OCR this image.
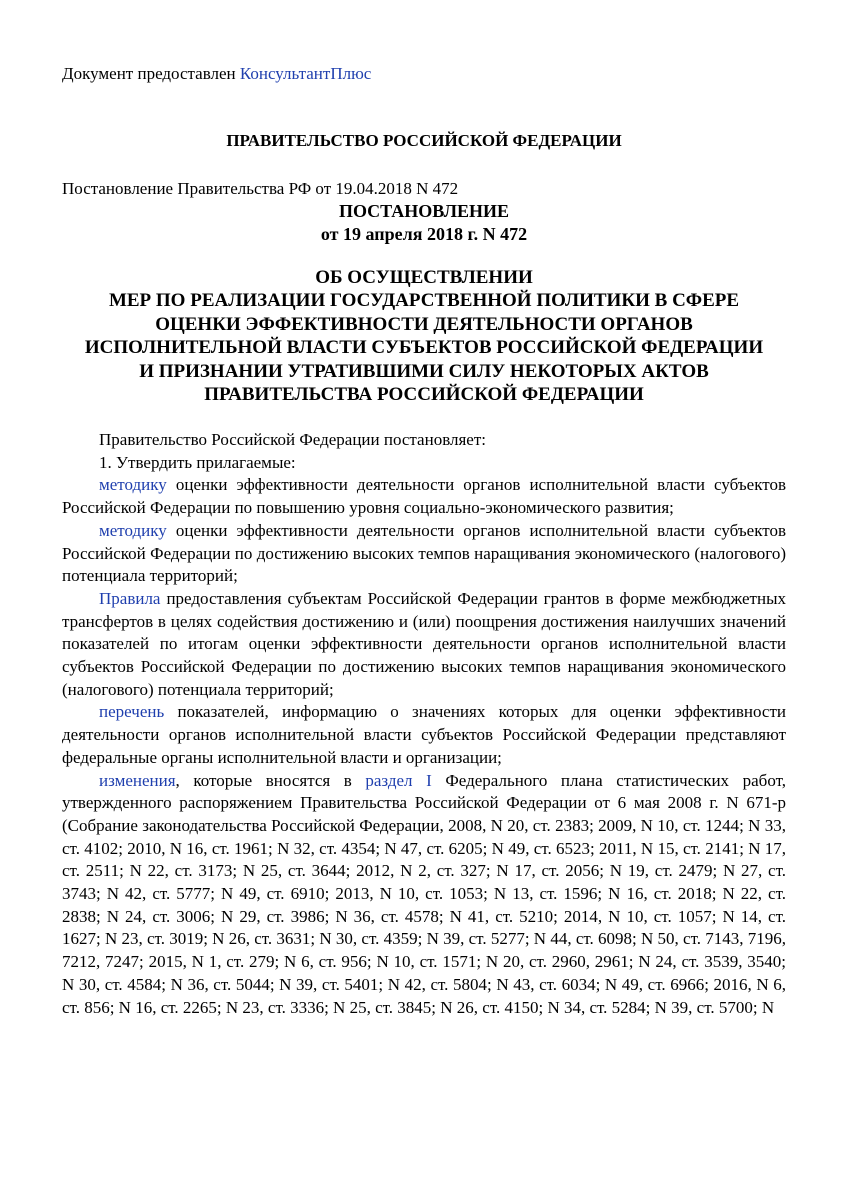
Документ предоставлен КонсультантПлюс
ПРАВИТЕЛЬСТВО РОССИЙСКОЙ ФЕДЕРАЦИИ
Постановление Правительства РФ от 19.04.2018 N 472
ПОСТАНОВЛЕНИЕ
от 19 апреля 2018 г. N 472
ОБ ОСУЩЕСТВЛЕНИИ
МЕР ПО РЕАЛИЗАЦИИ ГОСУДАРСТВЕННОЙ ПОЛИТИКИ В СФЕРЕ
ОЦЕНКИ ЭФФЕКТИВНОСТИ ДЕЯТЕЛЬНОСТИ ОРГАНОВ
ИСПОЛНИТЕЛЬНОЙ ВЛАСТИ СУБЪЕКТОВ РОССИЙСКОЙ ФЕДЕРАЦИИ
И ПРИЗНАНИИ УТРАТИВШИМИ СИЛУ НЕКОТОРЫХ АКТОВ
ПРАВИТЕЛЬСТВА РОССИЙСКОЙ ФЕДЕРАЦИИ

Правительство Российской Федерации постановляет:

1. Утвердить прилагаемые:

методику оценки эффективности деятельности органов исполнительной власти субъектов Российской Федерации по повышению уровня социально-экономического развития;

методику оценки эффективности деятельности органов исполнительной власти субъектов Российской Федерации по достижению высоких темпов наращивания экономического (налогового) потенциала территорий;

Правила предоставления субъектам Российской Федерации грантов в форме межбюджетных трансфертов в целях содействия достижению и (или) поощрения достижения наилучших значений показателей по итогам оценки эффективности деятельности органов исполнительной власти субъектов Российской Федерации по достижению высоких темпов наращивания экономического (налогового) потенциала территорий;

перечень показателей, информацию о значениях которых для оценки эффективности деятельности органов исполнительной власти субъектов Российской Федерации представляют федеральные органы исполнительной власти и организации;

изменения, которые вносятся в раздел I Федерального плана статистических работ, утвержденного распоряжением Правительства Российской Федерации от 6 мая 2008 г. N 671-р (Собрание законодательства Российской Федерации, 2008, N 20, ст. 2383; 2009, N 10, ст. 1244; N 33, ст. 4102; 2010, N 16, ст. 1961; N 32, ст. 4354; N 47, ст. 6205; N 49, ст. 6523; 2011, N 15, ст. 2141; N 17, ст. 2511; N 22, ст. 3173; N 25, ст. 3644; 2012, N 2, ст. 327; N 17, ст. 2056; N 19, ст. 2479; N 27, ст. 3743; N 42, ст. 5777; N 49, ст. 6910; 2013, N 10, ст. 1053; N 13, ст. 1596; N 16, ст. 2018; N 22, ст. 2838; N 24, ст. 3006; N 29, ст. 3986; N 36, ст. 4578; N 41, ст. 5210; 2014, N 10, ст. 1057; N 14, ст. 1627; N 23, ст. 3019; N 26, ст. 3631; N 30, ст. 4359; N 39, ст. 5277; N 44, ст. 6098; N 50, ст. 7143, 7196, 7212, 7247; 2015, N 1, ст. 279; N 6, ст. 956; N 10, ст. 1571; N 20, ст. 2960, 2961; N 24, ст. 3539, 3540; N 30, ст. 4584; N 36, ст. 5044; N 39, ст. 5401; N 42, ст. 5804; N 43, ст. 6034; N 49, ст. 6966; 2016, N 6, ст. 856; N 16, ст. 2265; N 23, ст. 3336; N 25, ст. 3845; N 26, ст. 4150; N 34, ст. 5284; N 39, ст. 5700; N
